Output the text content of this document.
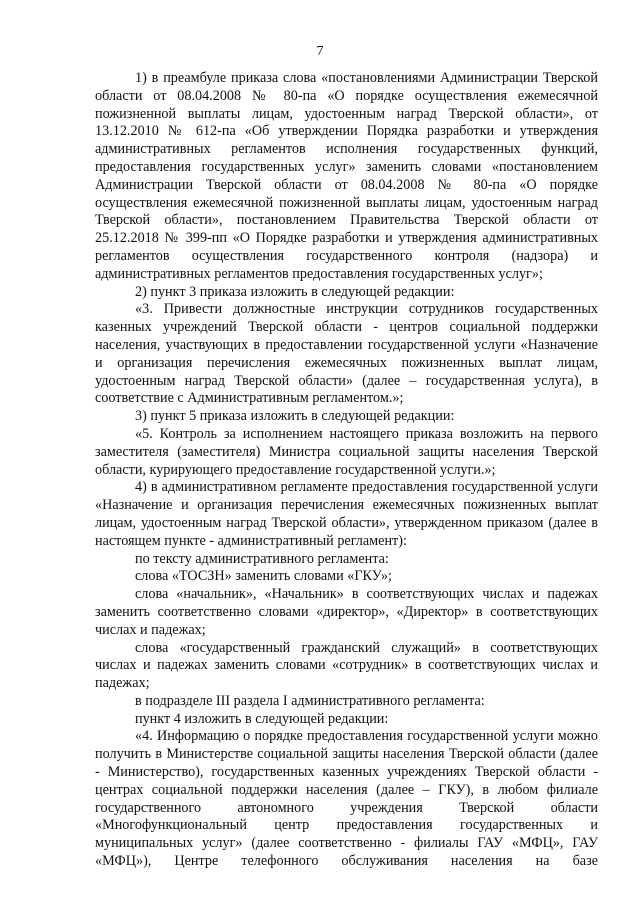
7

1) в преамбуле приказа слова «постановлениями Администрации Тверской области от 08.04.2008 № 80-па «О порядке осуществления ежемесячной пожизненной выплаты лицам, удостоенным наград Тверской области», от 13.12.2010 № 612-па «Об утверждении Порядка разработки и утверждения административных регламентов исполнения государственных функций, предоставления государственных услуг» заменить словами «постановлением Администрации Тверской области от 08.04.2008 № 80-па «О порядке осуществления ежемесячной пожизненной выплаты лицам, удостоенным наград Тверской области», постановлением Правительства Тверской области от 25.12.2018 № 399-пп «О Порядке разработки и утверждения административных регламентов осуществления государственного контроля (надзора) и административных регламентов предоставления государственных услуг»;

2) пункт 3 приказа изложить в следующей редакции:

«3. Привести должностные инструкции сотрудников государственных казенных учреждений Тверской области - центров социальной поддержки населения, участвующих в предоставлении государственной услуги «Назначение и организация перечисления ежемесячных пожизненных выплат лицам, удостоенным наград Тверской области» (далее – государственная услуга), в соответствие с Административным регламентом.»;

3) пункт 5 приказа изложить в следующей редакции:

«5. Контроль за исполнением настоящего приказа возложить на первого заместителя (заместителя) Министра социальной защиты населения Тверской области, курирующего предоставление государственной услуги.»;

4) в административном регламенте предоставления государственной услуги «Назначение и организация перечисления ежемесячных пожизненных выплат лицам, удостоенным наград Тверской области», утвержденном приказом (далее в настоящем пункте - административный регламент):

по тексту административного регламента:

слова «ТОСЗН» заменить словами «ГКУ»;

слова «начальник», «Начальник» в соответствующих числах и падежах заменить соответственно словами «директор», «Директор» в соответствующих числах и падежах;

слова «государственный гражданский служащий» в соответствующих числах и падежах заменить словами «сотрудник» в соответствующих числах и падежах;

в подразделе III раздела I административного регламента:

пункт 4 изложить в следующей редакции:

«4. Информацию о порядке предоставления государственной услуги можно получить в Министерстве социальной защиты населения Тверской области (далее - Министерство), государственных казенных учреждениях Тверской области - центрах социальной поддержки населения (далее – ГКУ), в любом филиале государственного автономного учреждения Тверской области «Многофункциональный центр предоставления государственных и муниципальных услуг» (далее соответственно - филиалы ГАУ «МФЦ», ГАУ «МФЦ»), Центре телефонного обслуживания населения на базе
